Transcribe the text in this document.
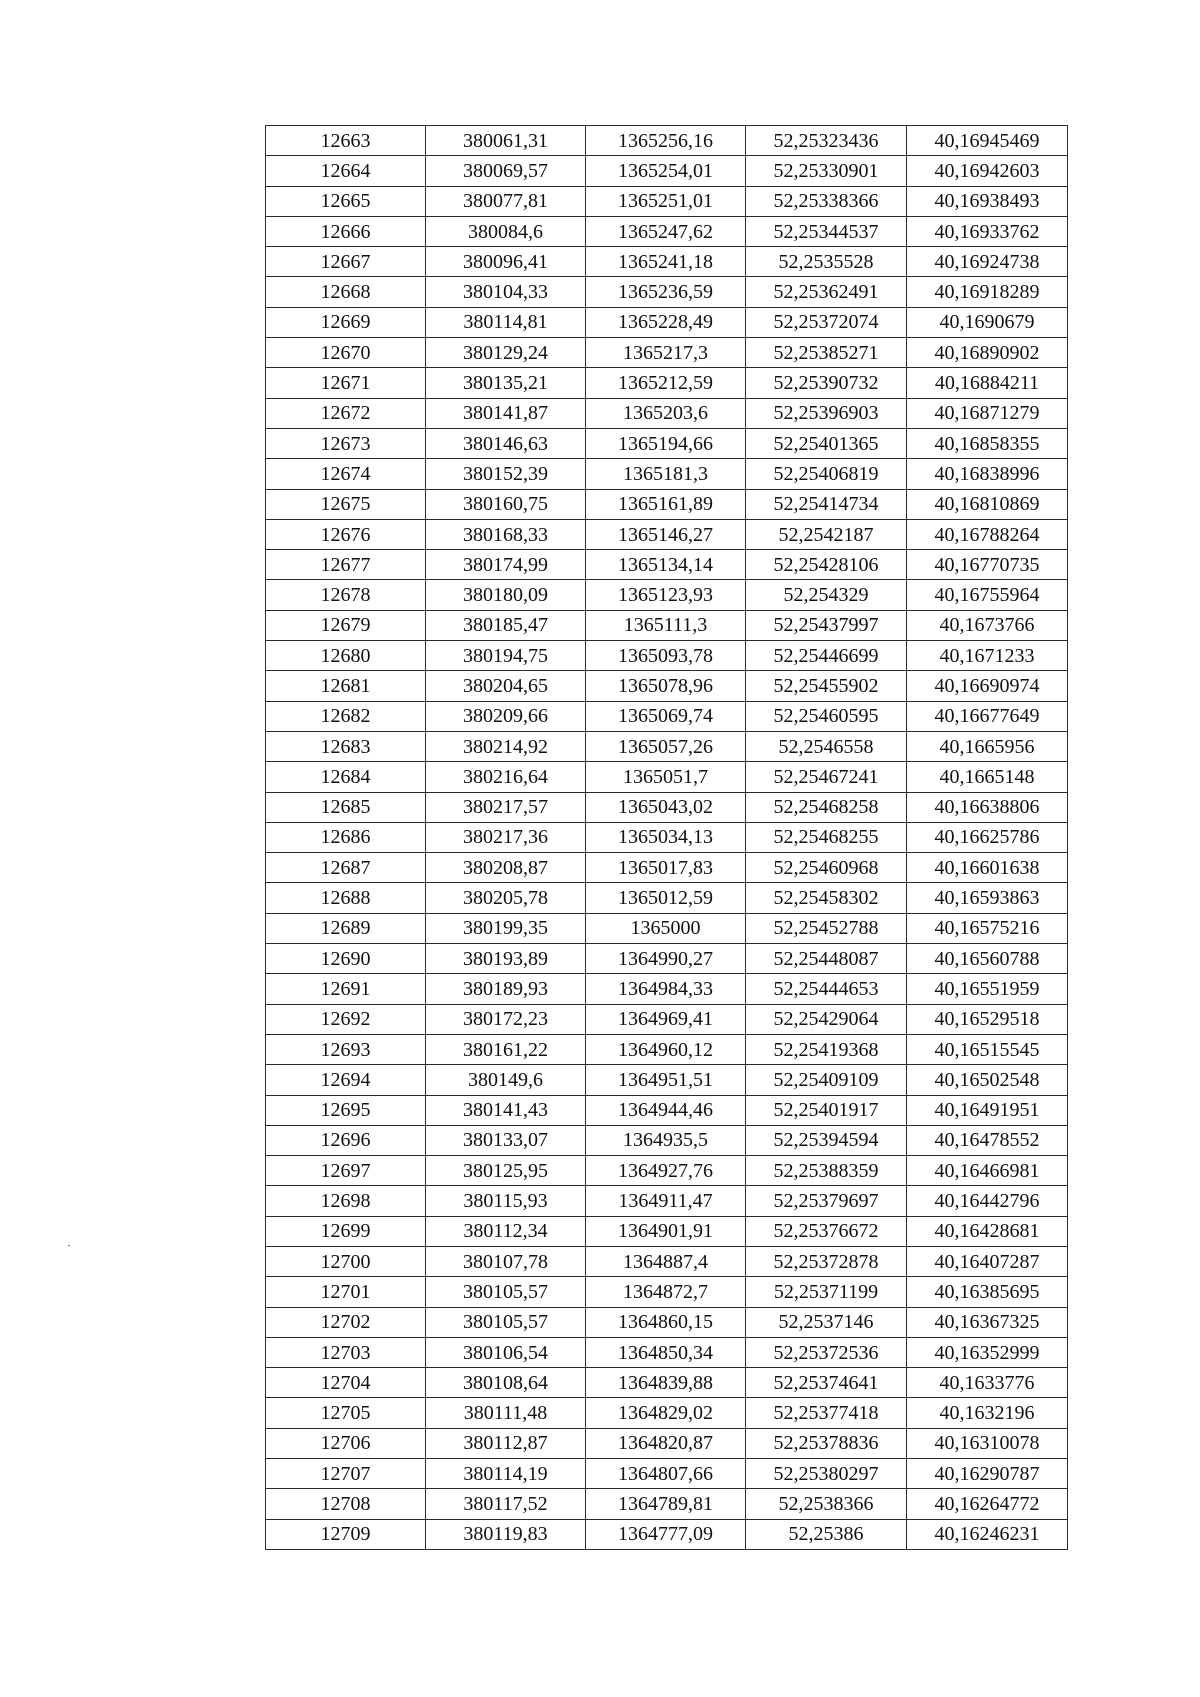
12663	380061,31	1365256,16	52,25323436	40,16945469
12664	380069,57	1365254,01	52,25330901	40,16942603
12665	380077,81	1365251,01	52,25338366	40,16938493
12666	380084,6	1365247,62	52,25344537	40,16933762
12667	380096,41	1365241,18	52,2535528	40,16924738
12668	380104,33	1365236,59	52,25362491	40,16918289
12669	380114,81	1365228,49	52,25372074	40,1690679
12670	380129,24	1365217,3	52,25385271	40,16890902
12671	380135,21	1365212,59	52,25390732	40,16884211
12672	380141,87	1365203,6	52,25396903	40,16871279
12673	380146,63	1365194,66	52,25401365	40,16858355
12674	380152,39	1365181,3	52,25406819	40,16838996
12675	380160,75	1365161,89	52,25414734	40,16810869
12676	380168,33	1365146,27	52,2542187	40,16788264
12677	380174,99	1365134,14	52,25428106	40,16770735
12678	380180,09	1365123,93	52,254329	40,16755964
12679	380185,47	1365111,3	52,25437997	40,1673766
12680	380194,75	1365093,78	52,25446699	40,1671233
12681	380204,65	1365078,96	52,25455902	40,16690974
12682	380209,66	1365069,74	52,25460595	40,16677649
12683	380214,92	1365057,26	52,2546558	40,1665956
12684	380216,64	1365051,7	52,25467241	40,1665148
12685	380217,57	1365043,02	52,25468258	40,16638806
12686	380217,36	1365034,13	52,25468255	40,16625786
12687	380208,87	1365017,83	52,25460968	40,16601638
12688	380205,78	1365012,59	52,25458302	40,16593863
12689	380199,35	1365000	52,25452788	40,16575216
12690	380193,89	1364990,27	52,25448087	40,16560788
12691	380189,93	1364984,33	52,25444653	40,16551959
12692	380172,23	1364969,41	52,25429064	40,16529518
12693	380161,22	1364960,12	52,25419368	40,16515545
12694	380149,6	1364951,51	52,25409109	40,16502548
12695	380141,43	1364944,46	52,25401917	40,16491951
12696	380133,07	1364935,5	52,25394594	40,16478552
12697	380125,95	1364927,76	52,25388359	40,16466981
12698	380115,93	1364911,47	52,25379697	40,16442796
12699	380112,34	1364901,91	52,25376672	40,16428681
12700	380107,78	1364887,4	52,25372878	40,16407287
12701	380105,57	1364872,7	52,25371199	40,16385695
12702	380105,57	1364860,15	52,2537146	40,16367325
12703	380106,54	1364850,34	52,25372536	40,16352999
12704	380108,64	1364839,88	52,25374641	40,1633776
12705	380111,48	1364829,02	52,25377418	40,1632196
12706	380112,87	1364820,87	52,25378836	40,16310078
12707	380114,19	1364807,66	52,25380297	40,16290787
12708	380117,52	1364789,81	52,2538366	40,16264772
12709	380119,83	1364777,09	52,25386	40,16246231
